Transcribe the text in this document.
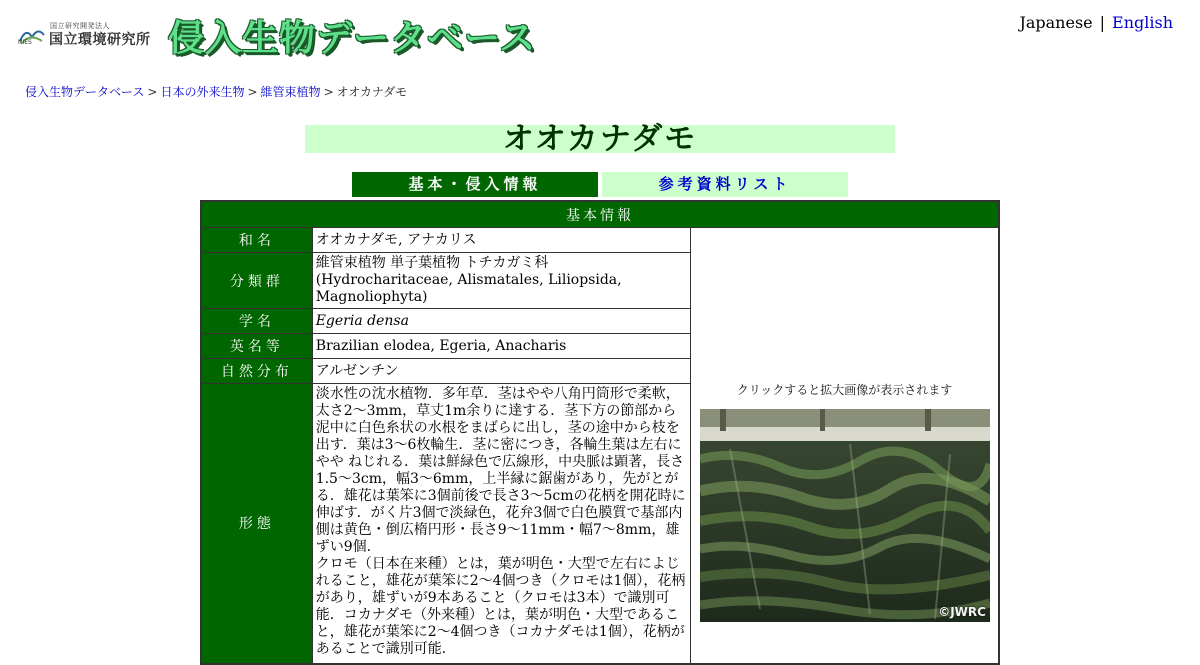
NIES
国立研究開発法人
国立環境研究所 侵入生物データベース	Japanese | English
侵入生物データベース > 日本の外来生物 > 維管束植物 > オオカナダモ
オオカナダモ
基本・侵入情報	参考資料リスト
基本情報		
和名	オオカナダモ, アナカリス	クリックすると拡大画像が表示されます
©JWRC

分類群	維管束植物 単子葉植物 トチカガミ科
(Hydrocharitaceae, Alismatales, Liliopsida, Magnoliophyta)	

学名	Egeria densa	
英名等	Brazilian elodea, Egeria, Anacharis	
自然分布	アルゼンチン	
形態	淡水性の沈水植物．多年草．茎はやや八角円筒形で柔軟，太さ2～3mm，草丈1m余りに達する．茎下方の節部から泥中に白色糸状の水根をまばらに出し，茎の途中から枝を出す．葉は3～6枚輪生．茎に密につき，各輪生葉は左右にやや ねじれる．葉は鮮緑色で広線形，中央脈は顕著，長さ1.5～3cm，幅3～6mm，上半縁に鋸歯があり，先がとがる．雄花は葉笨に3個前後で長さ3～5cmの花柄を開花時に伸ばす．がく片3個で淡緑色，花弁3個で白色膜質で基部内側は黄色・倒広楕円形・長さ9～11mm・幅7～8mm，雄ずい9個．
クロモ（日本在来種）とは，葉が明色・大型で左右によじれること，雄花が葉笨に2～4個つき（クロモは1個），花柄があり，雄ずいが9本あること（クロモは3本）で識別可能．コカナダモ（外来種）とは，葉が明色・大型であること，雄花が葉笨に2～4個つき（コカナダモは1個），花柄があることで識別可能．	
